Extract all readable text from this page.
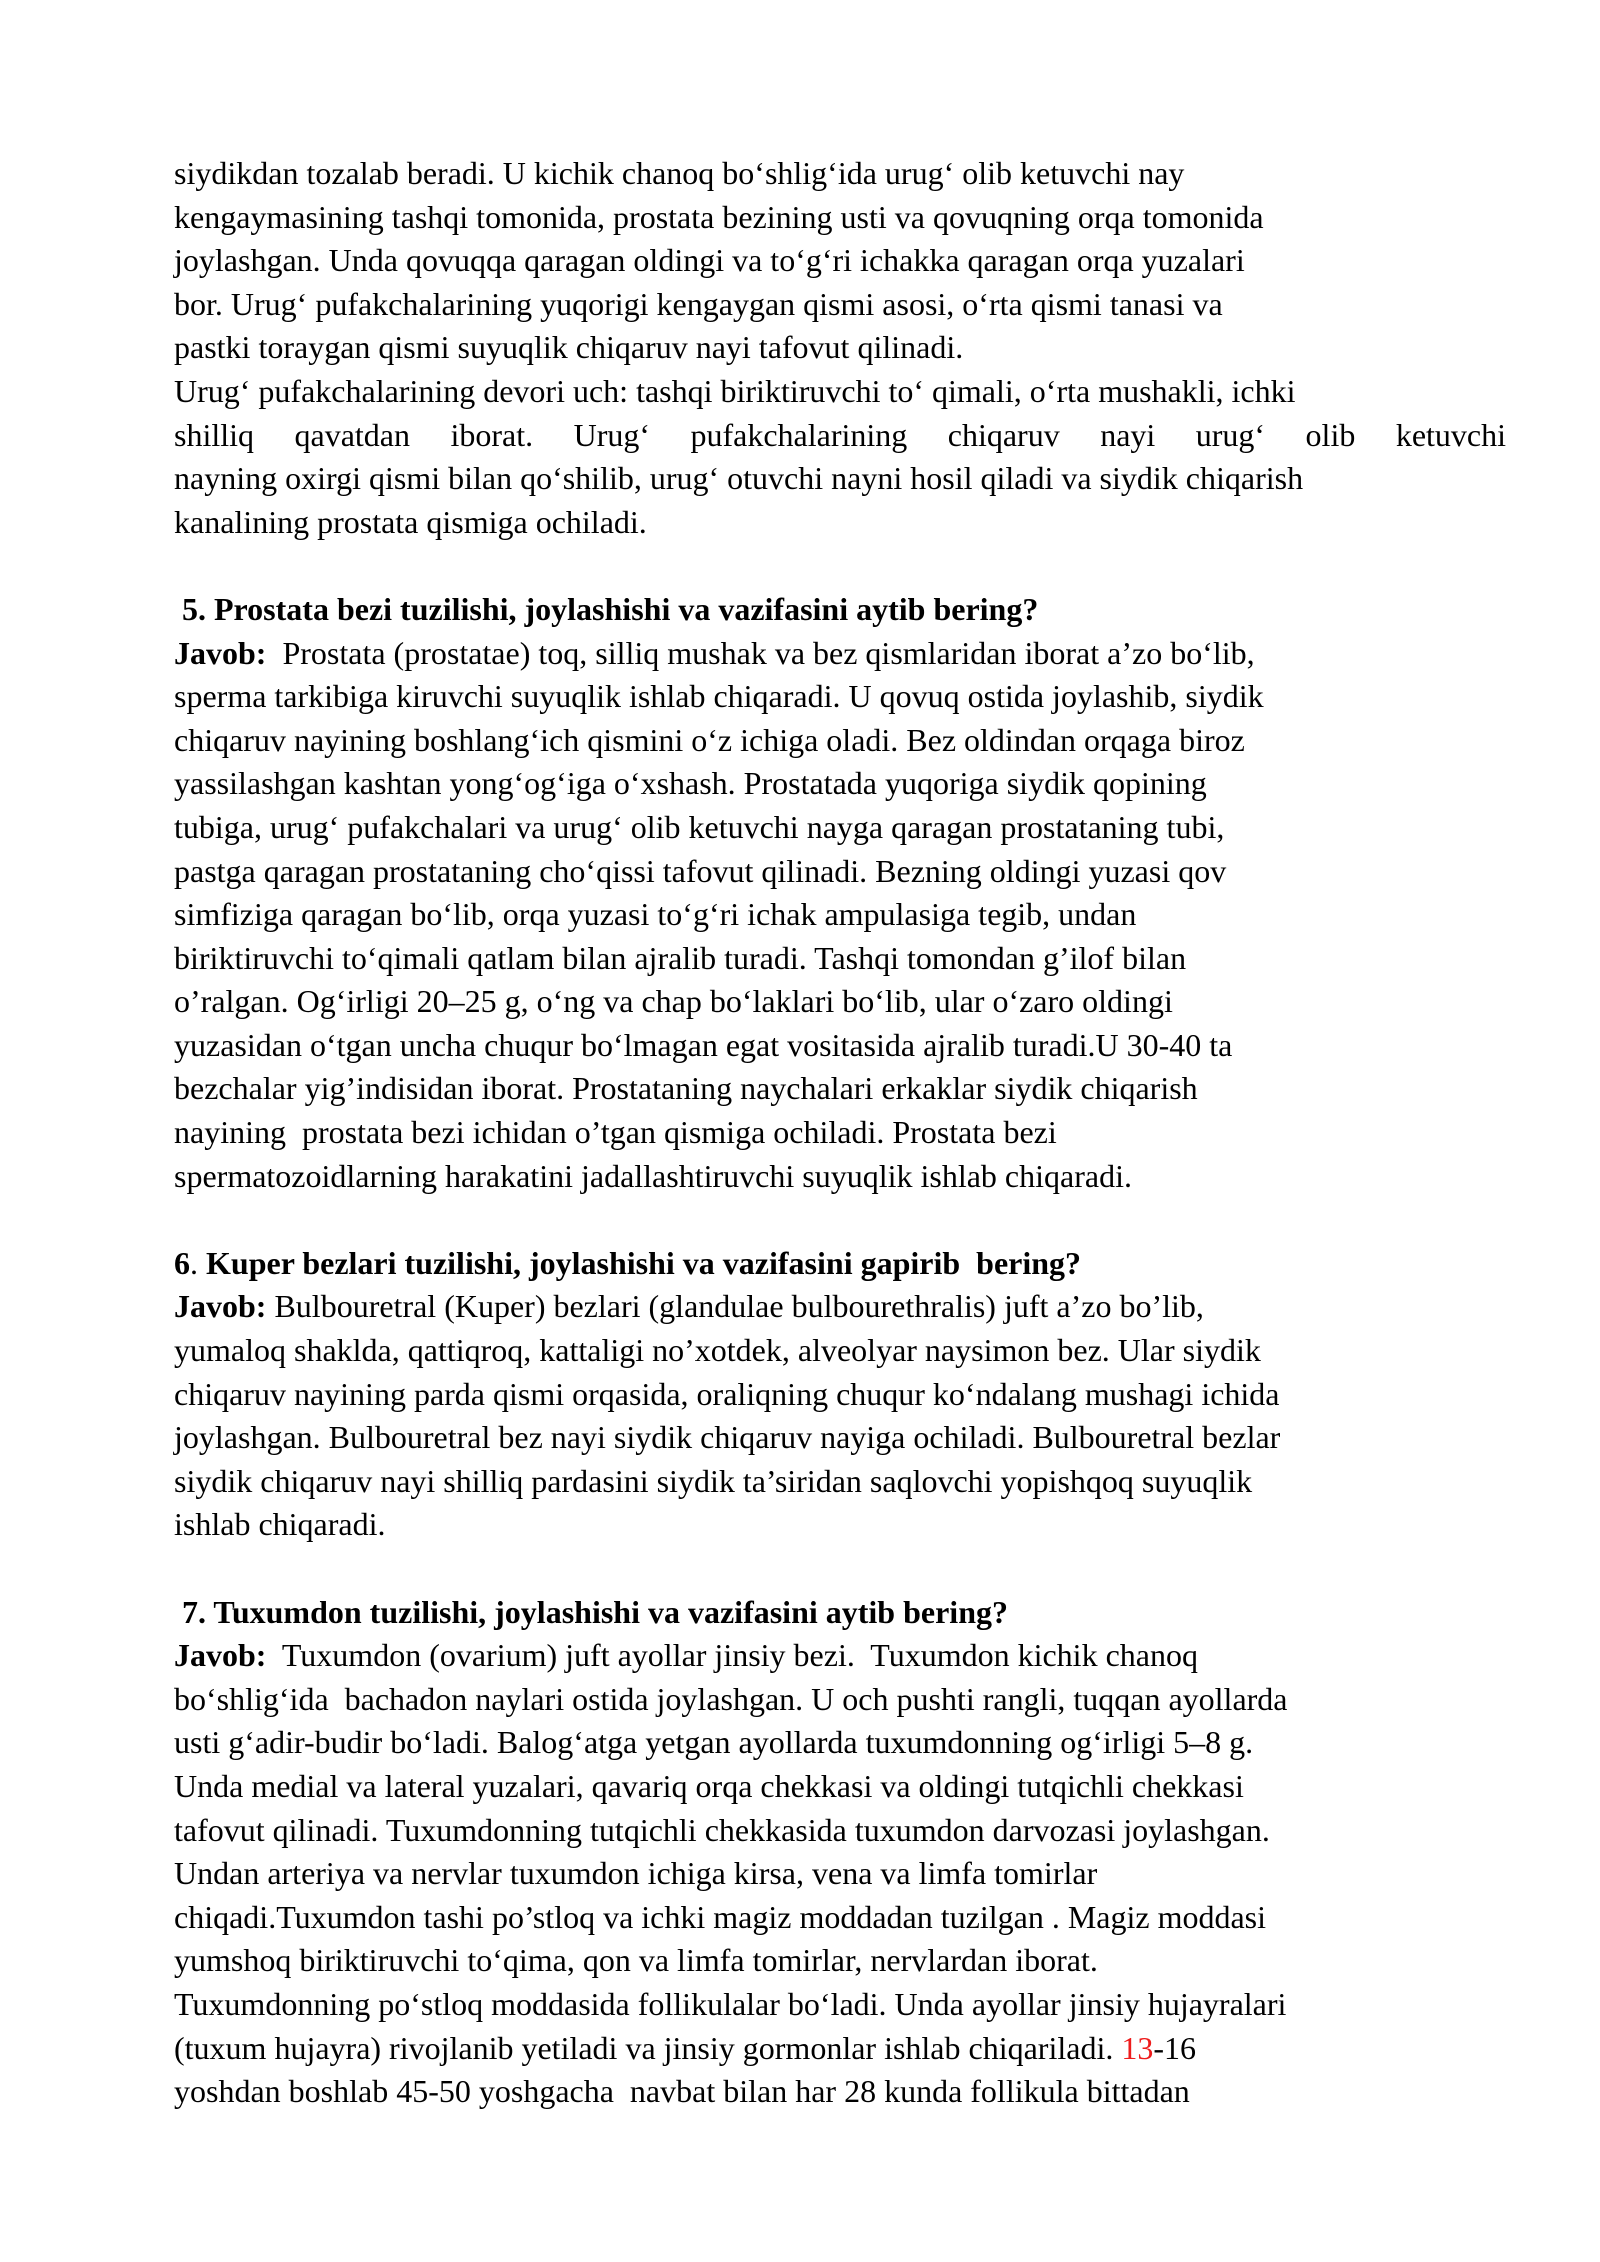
siydikdan tozalab beradi. U kichik chanoq bo‘shlig‘ida urug‘ olib ketuvchi nay
kengaymasining tashqi tomonida, prostata bezining usti va qovuqning orqa tomonida
joylashgan. Unda qovuqqa qaragan oldingi va to‘g‘ri ichakka qaragan orqa yuzalari
bor. Urug‘ pufakchalarining yuqorigi kengaygan qismi asosi, o‘rta qismi tanasi va
pastki toraygan qismi suyuqlik chiqaruv nayi tafovut qilinadi.
Urug‘ pufakchalarining devori uch: tashqi biriktiruvchi to‘ qimali, o‘rta mushakli, ichki
shilliq qavatdan iborat. Urug‘ pufakchalarining chiqaruv nayi urug‘ olib ketuvchi
nayning oxirgi qismi bilan qo‘shilib, urug‘ otuvchi nayni hosil qiladi va siydik chiqarish
kanalining prostata qismiga ochiladi.
5. Prostata bezi tuzilishi, joylashishi va vazifasini aytib bering?
Javob:  Prostata (prostatae) toq, silliq mushak va bez qismlaridan iborat a’zo bo‘lib,
sperma tarkibiga kiruvchi suyuqlik ishlab chiqaradi. U qovuq ostida joylashib, siydik
chiqaruv nayining boshlang‘ich qismini o‘z ichiga oladi. Bez oldindan orqaga biroz
yassilashgan kashtan yong‘og‘iga o‘xshash. Prostatada yuqoriga siydik qopining
tubiga, urug‘ pufakchalari va urug‘ olib ketuvchi nayga qaragan prostataning tubi,
pastga qaragan prostataning cho‘qissi tafovut qilinadi. Bezning oldingi yuzasi qov
simfiziga qaragan bo‘lib, orqa yuzasi to‘g‘ri ichak ampulasiga tegib, undan
biriktiruvchi to‘qimali qatlam bilan ajralib turadi. Tashqi tomondan g’ilof bilan
o’ralgan. Og‘irligi 20–25 g, o‘ng va chap bo‘laklari bo‘lib, ular o‘zaro oldingi
yuzasidan o‘tgan uncha chuqur bo‘lmagan egat vositasida ajralib turadi.U 30-40 ta
bezchalar yig’indisidan iborat. Prostataning naychalari erkaklar siydik chiqarish
nayining  prostata bezi ichidan o’tgan qismiga ochiladi. Prostata bezi
spermatozoidlarning harakatini jadallashtiruvchi suyuqlik ishlab chiqaradi.
6. Kuper bezlari tuzilishi, joylashishi va vazifasini gapirib  bering?
Javob: Bulbouretral (Kuper) bezlari (glandulae bulbourethralis) juft a’zo bo’lib,
yumaloq shaklda, qattiqroq, kattaligi no’xotdek, alveolyar naysimon bez. Ular siydik
chiqaruv nayining parda qismi orqasida, oraliqning chuqur ko‘ndalang mushagi ichida
joylashgan. Bulbouretral bez nayi siydik chiqaruv nayiga ochiladi. Bulbouretral bezlar
siydik chiqaruv nayi shilliq pardasini siydik ta’siridan saqlovchi yopishqoq suyuqlik
ishlab chiqaradi.
7. Tuxumdon tuzilishi, joylashishi va vazifasini aytib bering?
Javob:  Tuxumdon (ovarium) juft ayollar jinsiy bezi.  Tuxumdon kichik chanoq
bo‘shlig‘ida  bachadon naylari ostida joylashgan. U och pushti rangli, tuqqan ayollarda
usti g‘adir-budir bo‘ladi. Balog‘atga yetgan ayollarda tuxumdonning og‘irligi 5–8 g.
Unda medial va lateral yuzalari, qavariq orqa chekkasi va oldingi tutqichli chekkasi
tafovut qilinadi. Tuxumdonning tutqichli chekkasida tuxumdon darvozasi joylashgan.
Undan arteriya va nervlar tuxumdon ichiga kirsa, vena va limfa tomirlar
chiqadi.Tuxumdon tashi po’stloq va ichki magiz moddadan tuzilgan . Magiz moddasi
yumshoq biriktiruvchi to‘qima, qon va limfa tomirlar, nervlardan iborat.
Tuxumdonning po‘stloq moddasida follikulalar bo‘ladi. Unda ayollar jinsiy hujayralari
(tuxum hujayra) rivojlanib yetiladi va jinsiy gormonlar ishlab chiqariladi. 13-16
yoshdan boshlab 45-50 yoshgacha  navbat bilan har 28 kunda follikula bittadan
